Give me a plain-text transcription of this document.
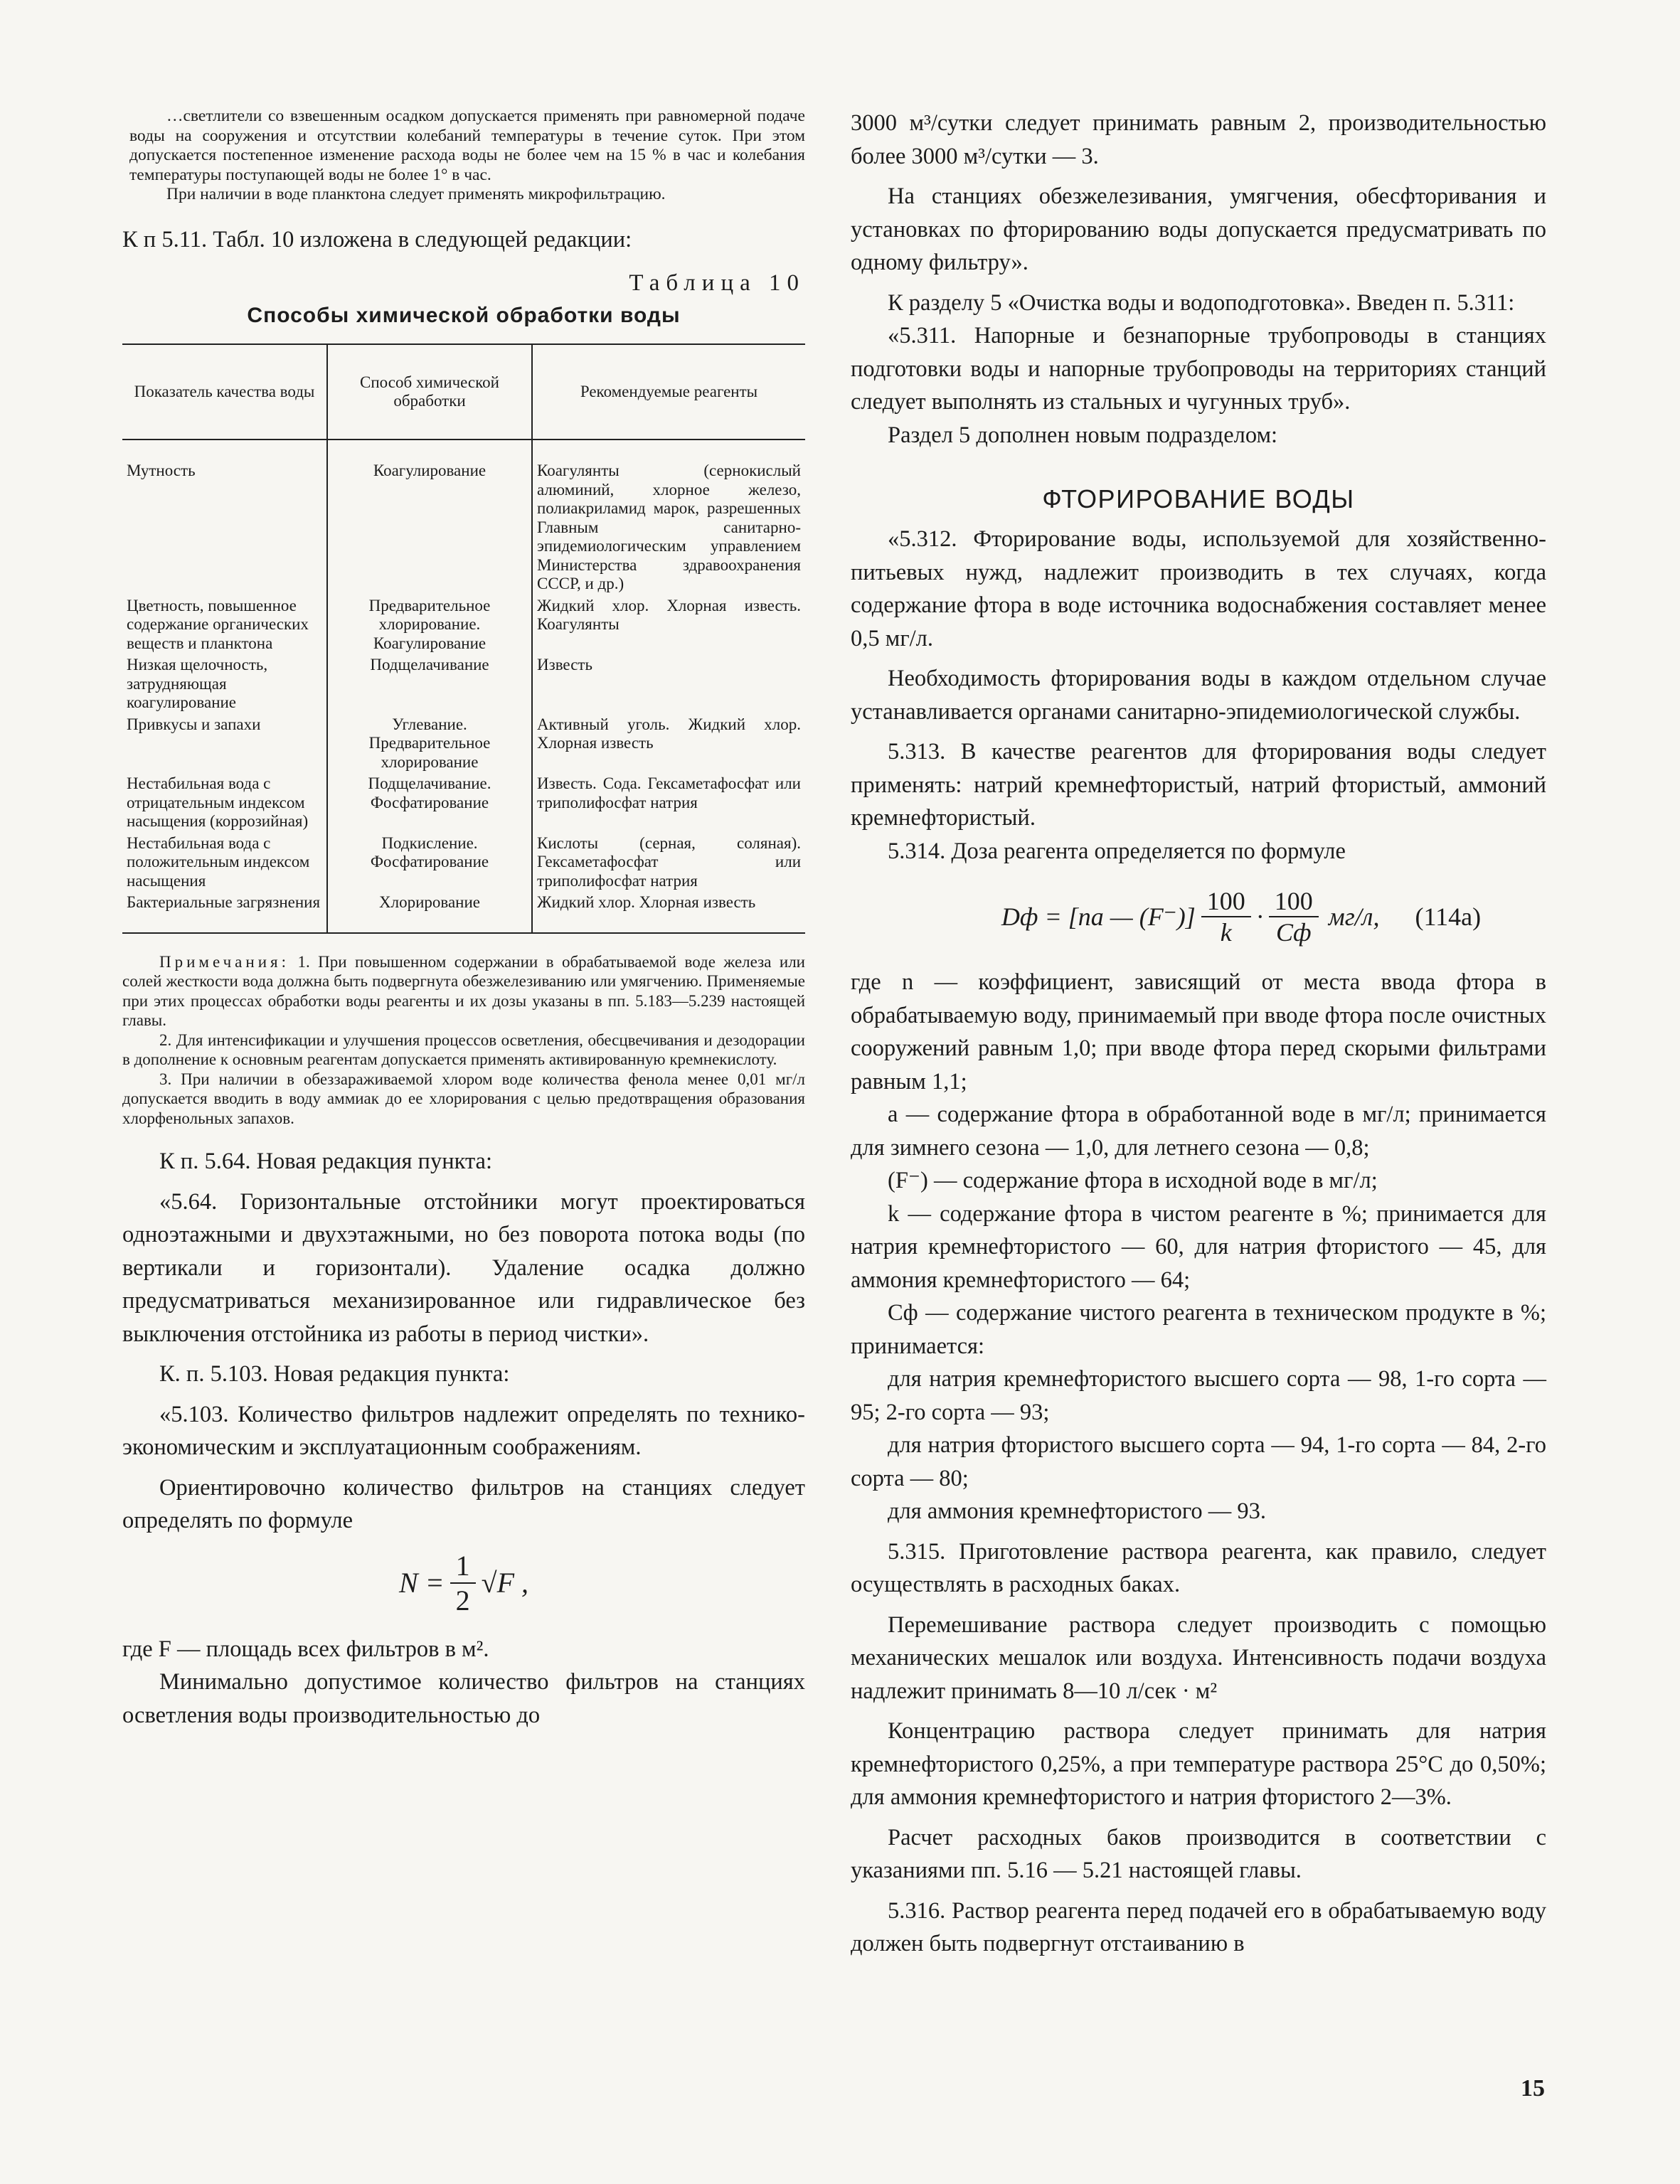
…светлители со взвешенным осадком допускается применять при равномерной подаче воды на сооружения и отсутствии колебаний температуры в течение суток. При этом допускается постепенное изменение расхода воды не более чем на 15 % в час и колебания температуры поступающей воды не более 1° в час.

При наличии в воде планктона следует применять микрофильтрацию.

К п 5.11. Табл. 10 изложена в следующей редакции:

Таблица 10
Способы химической обработки воды
Показатель качества воды	Способ химической обработки	Рекомендуемые реагенты
Мутность	Коагулирование	Коагулянты (сернокислый алюминий, хлорное железо, полиакриламид марок, разрешенных Главным санитарно-эпидемиологическим управлением Министерства здравоохранения СССР, и др.)
Цветность, повышенное содержание органических веществ и планктона	Предварительное хлорирование. Коагулирование	Жидкий хлор. Хлорная известь. Коагулянты
Низкая щелочность, затрудняющая коагулирование	Подщелачивание	Известь
Привкусы и запахи	Углевание. Предварительное хлорирование	Активный уголь. Жидкий хлор. Хлорная известь
Нестабильная вода с отрицательным индексом насыщения (коррозийная)	Подщелачивание. Фосфатирование	Известь. Сода. Гексаметафосфат или триполифосфат натрия
Нестабильная вода с положительным индексом насыщения	Подкисление. Фосфатирование	Кислоты (серная, соляная). Гексаметафосфат или триполифосфат натрия
Бактериальные загрязнения	Хлорирование	Жидкий хлор. Хлорная известь

Примечания: 1. При повышенном содержании в обрабатываемой воде железа или солей жесткости вода должна быть подвергнута обезжелезиванию или умягчению. Применяемые при этих процессах обработки воды реагенты и их дозы указаны в пп. 5.183—5.239 настоящей главы.

2. Для интенсификации и улучшения процессов осветления, обесцвечивания и дезодорации в дополнение к основным реагентам допускается применять активированную кремнекислоту.

3. При наличии в обеззараживаемой хлором воде количества фенола менее 0,01 мг/л допускается вводить в воду аммиак до ее хлорирования с целью предотвращения образования хлорфенольных запахов.

К п. 5.64. Новая редакция пункта:

«5.64. Горизонтальные отстойники могут проектироваться одноэтажными и двухэтажными, но без поворота потока воды (по вертикали и горизонтали). Удаление осадка должно предусматриваться механизированное или гидравлическое без выключения отстойника из работы в период чистки».

К. п. 5.103. Новая редакция пункта:

«5.103. Количество фильтров надлежит определять по технико-экономическим и эксплуатационным соображениям.

Ориентировочно количество фильтров на станциях следует определять по формуле

$N = \frac{1}{2} √F$ ,

где F — площадь всех фильтров в м².

Минимально допустимое количество фильтров на станциях осветления воды производительностью до

3000 м³/сутки следует принимать равным 2, производительностью более 3000 м³/сутки — 3.

На станциях обезжелезивания, умягчения, обесфторивания и установках по фторированию воды допускается предусматривать по одному фильтру».

К разделу 5 «Очистка воды и водоподготовка». Введен п. 5.311:

«5.311. Напорные и безнапорные трубопроводы в станциях подготовки воды и напорные трубопроводы на территориях станций следует выполнять из стальных и чугунных труб».

Раздел 5 дополнен новым подразделом:

ФТОРИРОВАНИЕ ВОДЫ

«5.312. Фторирование воды, используемой для хозяйственно-питьевых нужд, надлежит производить в тех случаях, когда содержание фтора в воде источника водоснабжения составляет менее 0,5 мг/л.

Необходимость фторирования воды в каждом отдельном случае устанавливается органами санитарно-эпидемиологической службы.

5.313. В качестве реагентов для фторирования воды следует применять: натрий кремнефтористый, натрий фтористый, аммоний кремнефтористый.

5.314. Доза реагента определяется по формуле

Dф = [na — $(F^-)] \frac{100}{k} \cdot \frac{100}{Cф} мг/л$, (114а)

где n — коэффициент, зависящий от места ввода фтора в обрабатываемую воду, принимаемый при вводе фтора после очистных сооружений равным 1,0; при вводе фтора перед скорыми фильтрами равным 1,1;

a — содержание фтора в обработанной воде в мг/л; принимается для зимнего сезона — 1,0, для летнего сезона — 0,8;

(F⁻) — содержание фтора в исходной воде в мг/л;

k — содержание фтора в чистом реагенте в %; принимается для натрия кремнефтористого — 60, для натрия фтористого — 45, для аммония кремнефтористого — 64;

Cф — содержание чистого реагента в техническом продукте в %; принимается:

для натрия кремнефтористого высшего сорта — 98, 1-го сорта — 95; 2-го сорта — 93;

для натрия фтористого высшего сорта — 94, 1-го сорта — 84, 2-го сорта — 80;

для аммония кремнефтористого — 93.

5.315. Приготовление раствора реагента, как правило, следует осуществлять в расходных баках.

Перемешивание раствора следует производить с помощью механических мешалок или воздуха. Интенсивность подачи воздуха надлежит принимать 8—10 л/сек · м²

Концентрацию раствора следует принимать для натрия кремнефтористого 0,25%, а при температуре раствора 25°С до 0,50%; для аммония кремнефтористого и натрия фтористого 2—3%.

Расчет расходных баков производится в соответствии с указаниями пп. 5.16 — 5.21 настоящей главы.

5.316. Раствор реагента перед подачей его в обрабатываемую воду должен быть подвергнут отстаиванию в

15
